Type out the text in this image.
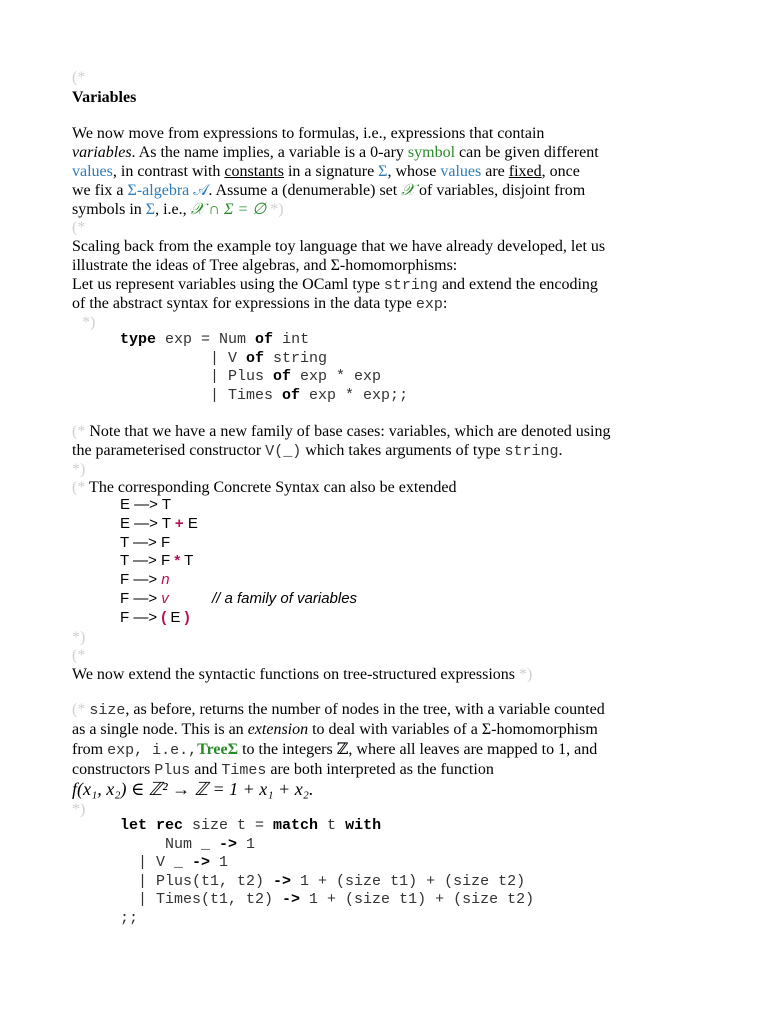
(*
Variables
We now move from expressions to formulas, i.e., expressions that contain
variables. As the name implies, a variable is a 0-ary symbol can be given different
values, in contrast with constants in a signature Σ, whose values are fixed, once
we fix a Σ-algebra 𝒜. Assume a (denumerable) set 𝒳 of variables, disjoint from
symbols in Σ, i.e., 𝒳 ∩ Σ = ∅ *)
(*
Scaling back from the example toy language that we have already developed, let us
illustrate the ideas of Tree algebras, and Σ-homomorphisms:
Let us represent variables using the OCaml type string and extend the encoding
of the abstract syntax for expressions in the data type exp:
*)
type exp = Num of int
| V of string
| Plus of exp * exp
| Times of exp * exp;;
(* Note that we have a new family of base cases: variables, which are denoted using
the parameterised constructor V(_) which takes arguments of type string.
*)
(* The corresponding Concrete Syntax can also be extended
E —> T
E —> T + E
T —> F
T —> F * T
F —> n
F —> v	// a family of variables
F —> ( E )
*)
(*
We now extend the syntactic functions on tree-structured expressions *)
(* size, as before, returns the number of nodes in the tree, with a variable counted
as a single node. This is an extension to deal with variables of a Σ-homomorphism
from exp, i.e.,TreeΣ to the integers ℤ, where all leaves are mapped to 1, and
constructors Plus and Times are both interpreted as the function
f(x₁, x₂) ∈ ℤ² → ℤ = 1 + x₁ + x₂.
*)
let rec size t = match t with
Num _ -> 1
| V _ -> 1
| Plus(t1, t2) -> 1 + (size t1) + (size t2)
| Times(t1, t2) -> 1 + (size t1) + (size t2)
;;
